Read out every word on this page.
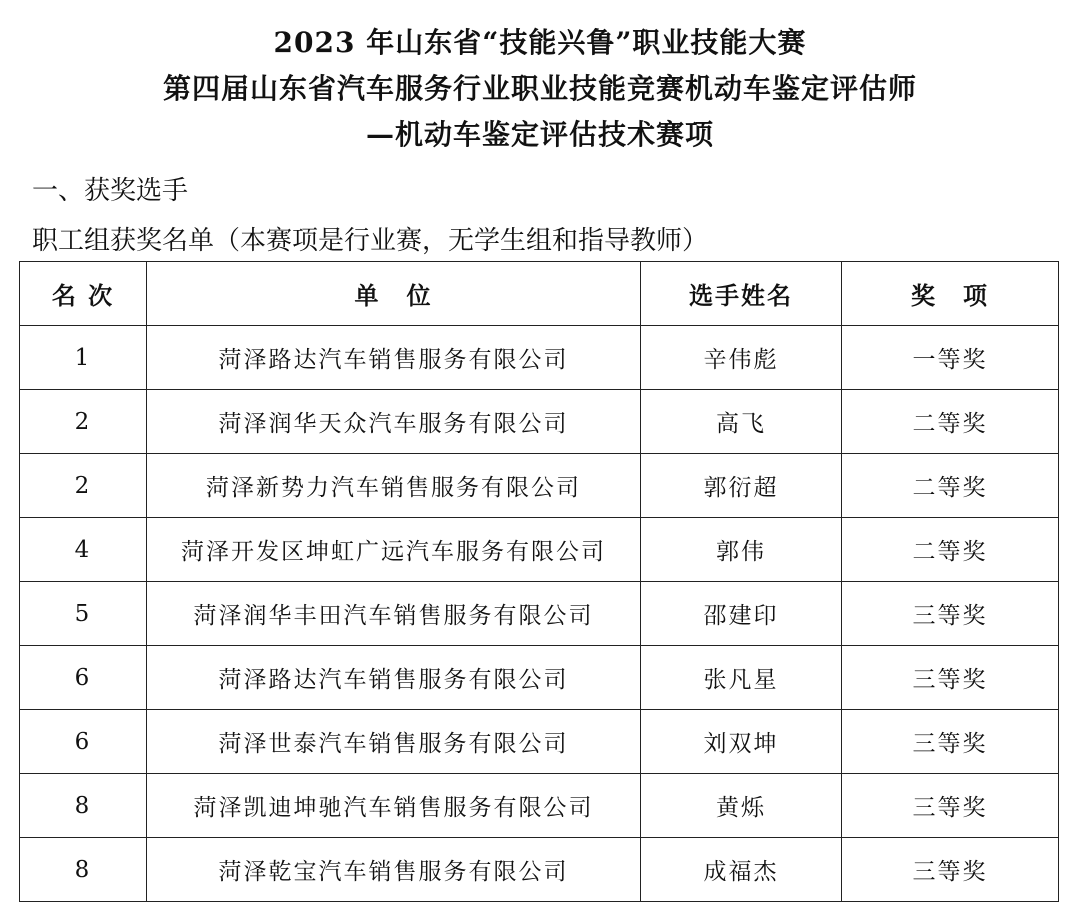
2023 年山东省“技能兴鲁”职业技能大赛
第四届山东省汽车服务行业职业技能竞赛机动车鉴定评估师
—机动车鉴定评估技术赛项
一、获奖选手
职工组获奖名单（本赛项是行业赛，无学生组和指导教师）
名 次	单　位	选手姓名	奖　项
1	菏泽路达汽车销售服务有限公司	辛伟彪	一等奖
2	菏泽润华天众汽车服务有限公司	高飞	二等奖
2	菏泽新势力汽车销售服务有限公司	郭衍超	二等奖
4	菏泽开发区坤虹广远汽车服务有限公司	郭伟	二等奖
5	菏泽润华丰田汽车销售服务有限公司	邵建印	三等奖
6	菏泽路达汽车销售服务有限公司	张凡星	三等奖
6	菏泽世泰汽车销售服务有限公司	刘双坤	三等奖
8	菏泽凯迪坤驰汽车销售服务有限公司	黄烁	三等奖
8	菏泽乾宝汽车销售服务有限公司	成福杰	三等奖
